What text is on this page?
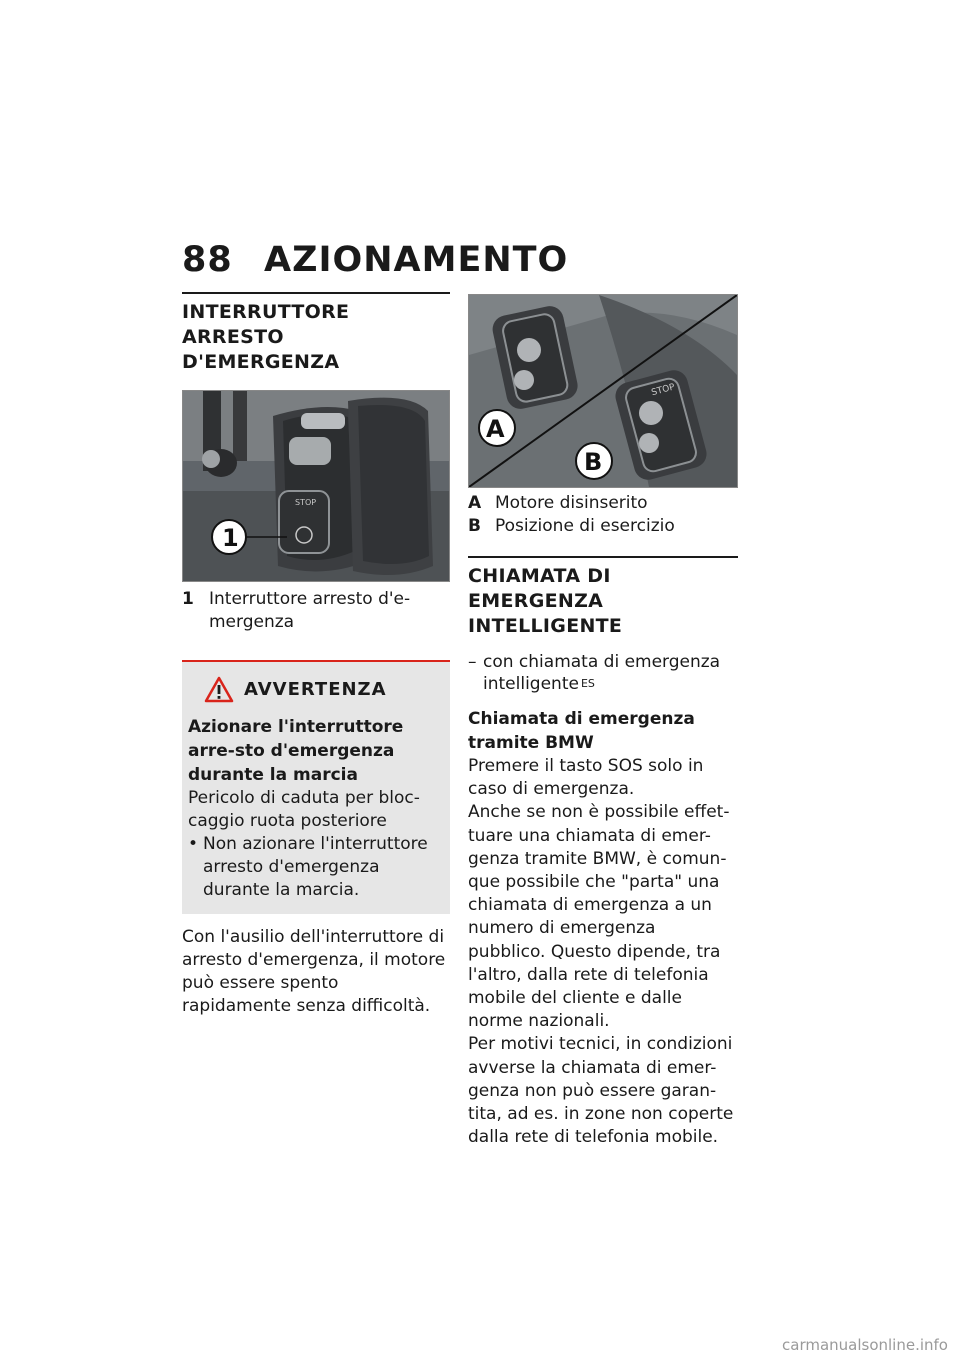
88 AZIONAMENTO
INTERRUTTORE ARRESTO
D'EMERGENZA
STOP
1
1 Interruttore arresto d'e-mergenza
AVVERTENZA
Azionare l'interruttore arre-sto d'emergenza durante la marcia
Pericolo di caduta per bloc-caggio ruota posteriore
• Non azionare l'interruttore arresto d'emergenza durante la marcia.
Con l'ausilio dell'interruttore di arresto d'emergenza, il motore può essere spento rapidamente senza difficoltà.
STOP
A
B
A Motore disinserito
B Posizione di esercizio
CHIAMATA DI EMERGENZA
INTELLIGENTE
– con chiamata di emergenza intelligente $^{ES}$
Chiamata di emergenza tramite BMW
Premere il tasto SOS solo in caso di emergenza.
Anche se non è possibile effet-tuare una chiamata di emer-genza tramite BMW, è comun-que possibile che "parta" una chiamata di emergenza a un numero di emergenza pubblico. Questo dipende, tra l'altro, dalla rete di telefonia mobile del cliente e dalle norme nazionali.
Per motivi tecnici, in condizioni avverse la chiamata di emer-genza non può essere garan-tita, ad es. in zone non coperte dalla rete di telefonia mobile.
carmanualsonline.info
